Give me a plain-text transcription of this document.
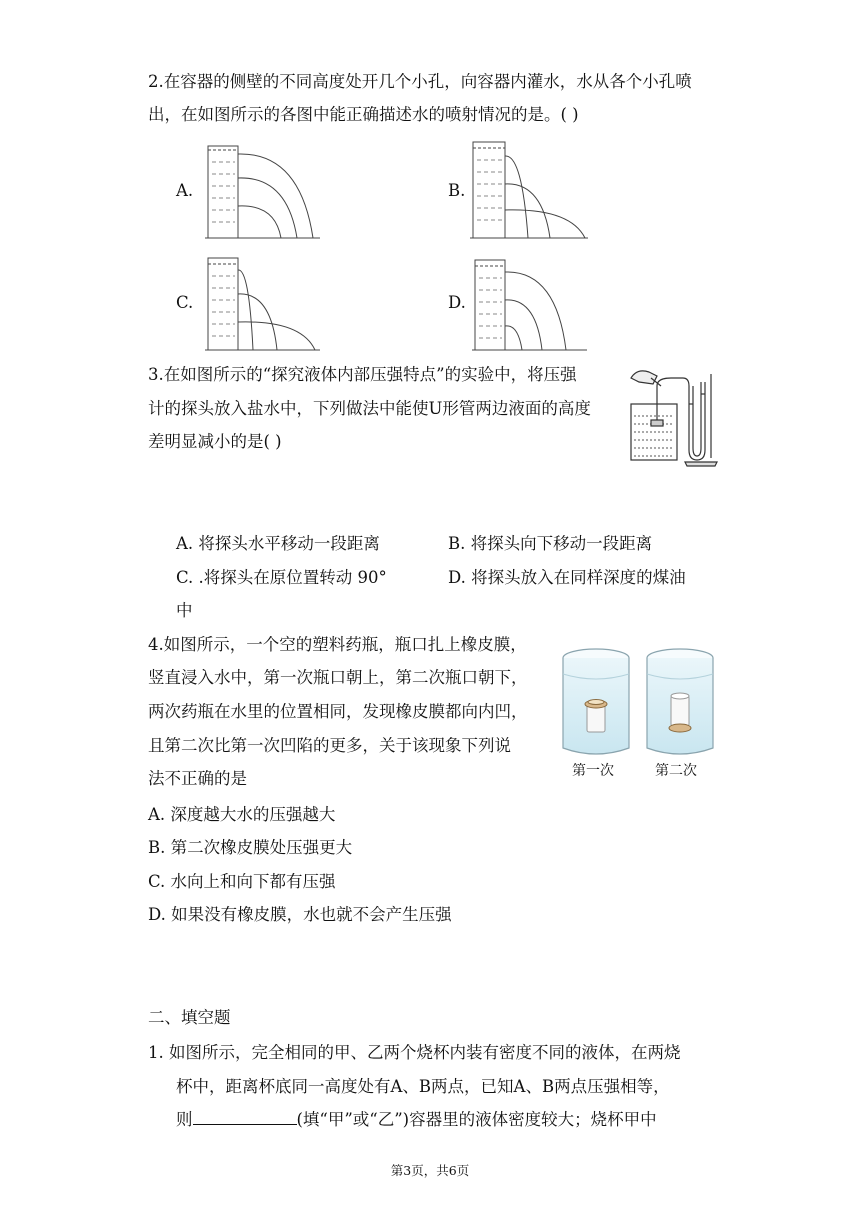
2.在容器的侧壁的不同高度处开几个小孔，向容器内灌水，水从各个小孔喷
出，在如图所示的各图中能正确描述水的喷射情况的是。( )
A.	B.
C.	D.
3.在如图所示的“探究液体内部压强特点”的实验中，将压强
计的探头放入盐水中，下列做法中能使U形管两边液面的高度
差明显减小的是( )
A. 将探头水平移动一段距离	B. 将探头向下移动一段距离
C. .将探头在原位置转动 90°	D. 将探头放入在同样深度的煤油
中
4.如图所示，一个空的塑料药瓶，瓶口扎上橡皮膜，
竖直浸入水中，第一次瓶口朝上，第二次瓶口朝下，
两次药瓶在水里的位置相同，发现橡皮膜都向内凹，
且第二次比第一次凹陷的更多，关于该现象下列说
法不正确的是	第一次	第二次
A. 深度越大水的压强越大
B. 第二次橡皮膜处压强更大
C. 水向上和向下都有压强
D. 如果没有橡皮膜，水也就不会产生压强
二、填空题
1. 如图所示，完全相同的甲、乙两个烧杯内装有密度不同的液体，在两烧
杯中，距离杯底同一高度处有A、B两点，已知A、B两点压强相等，
则	(填“甲”或“乙”)容器里的液体密度较大；烧杯甲中
第3页，共6页
